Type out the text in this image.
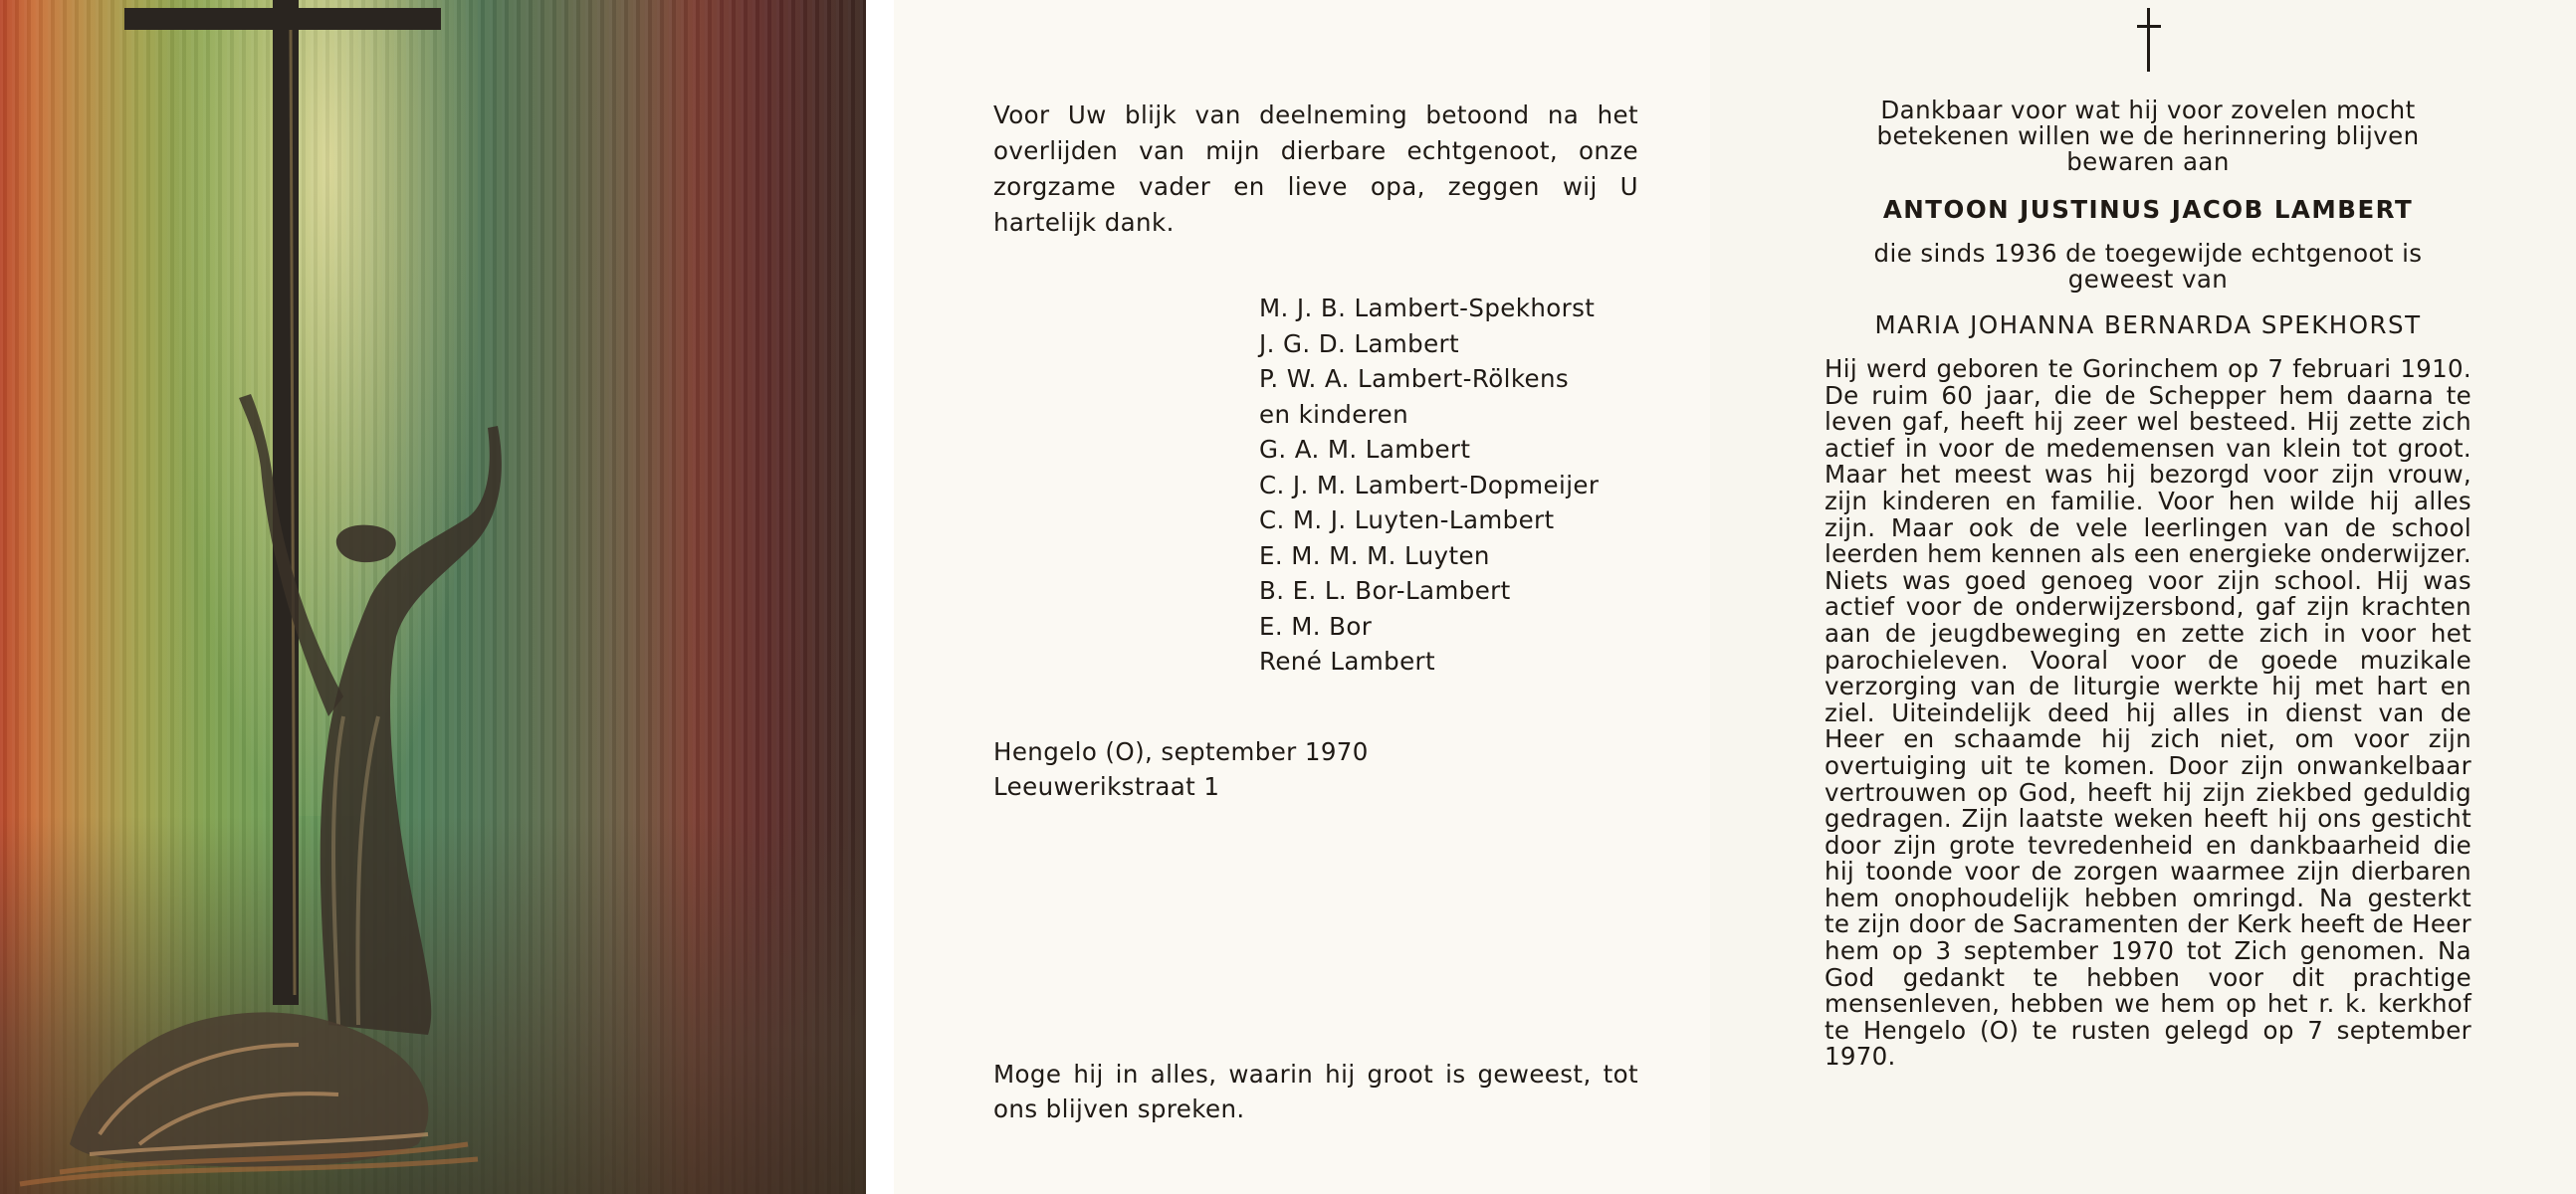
Voor Uw blijk van deelneming betoond na het overlijden van mijn dierbare echtgenoot, onze zorgzame vader en lieve opa, zeggen wij U hartelijk dank.

M. J. B. Lambert-Spekhorst
J. G. D. Lambert
P. W. A. Lambert-Rölkens
en kinderen
G. A. M. Lambert
C. J. M. Lambert-Dopmeijer
C. M. J. Luyten-Lambert
E. M. M. M. Luyten
B. E. L. Bor-Lambert
E. M. Bor
René Lambert
Hengelo (O), september 1970
Leeuwerikstraat 1

Moge hij in alles, waarin hij groot is geweest, tot ons blijven spreken.

Dankbaar voor wat hij voor zovelen mocht betekenen willen we de herinnering blijven bewaren aan

ANTOON JUSTINUS JACOB LAMBERT

die sinds 1936 de toegewijde echtgenoot is geweest van

MARIA JOHANNA BERNARDA SPEKHORST

Hij werd geboren te Gorinchem op 7 februari 1910. De ruim 60 jaar, die de Schepper hem daarna te leven gaf, heeft hij zeer wel besteed. Hij zette zich actief in voor de medemensen van klein tot groot. Maar het meest was hij bezorgd voor zijn vrouw, zijn kinderen en familie. Voor hen wilde hij alles zijn. Maar ook de vele leerlingen van de school leerden hem kennen als een energieke onderwijzer. Niets was goed genoeg voor zijn school. Hij was actief voor de onderwijzersbond, gaf zijn krachten aan de jeugdbeweging en zette zich in voor het parochieleven. Vooral voor de goede muzikale verzorging van de liturgie werkte hij met hart en ziel. Uiteindelijk deed hij alles in dienst van de Heer en schaamde hij zich niet, om voor zijn overtuiging uit te komen. Door zijn onwankelbaar vertrouwen op God, heeft hij zijn ziekbed geduldig gedragen. Zijn laatste weken heeft hij ons gesticht door zijn grote tevredenheid en dankbaarheid die hij toonde voor de zorgen waarmee zijn dierbaren hem onophoudelijk hebben omringd. Na gesterkt te zijn door de Sacramenten der Kerk heeft de Heer hem op 3 september 1970 tot Zich genomen. Na God gedankt te hebben voor dit prachtige mensenleven, hebben we hem op het r. k. kerkhof te Hengelo (O) te rusten gelegd op 7 september 1970.
